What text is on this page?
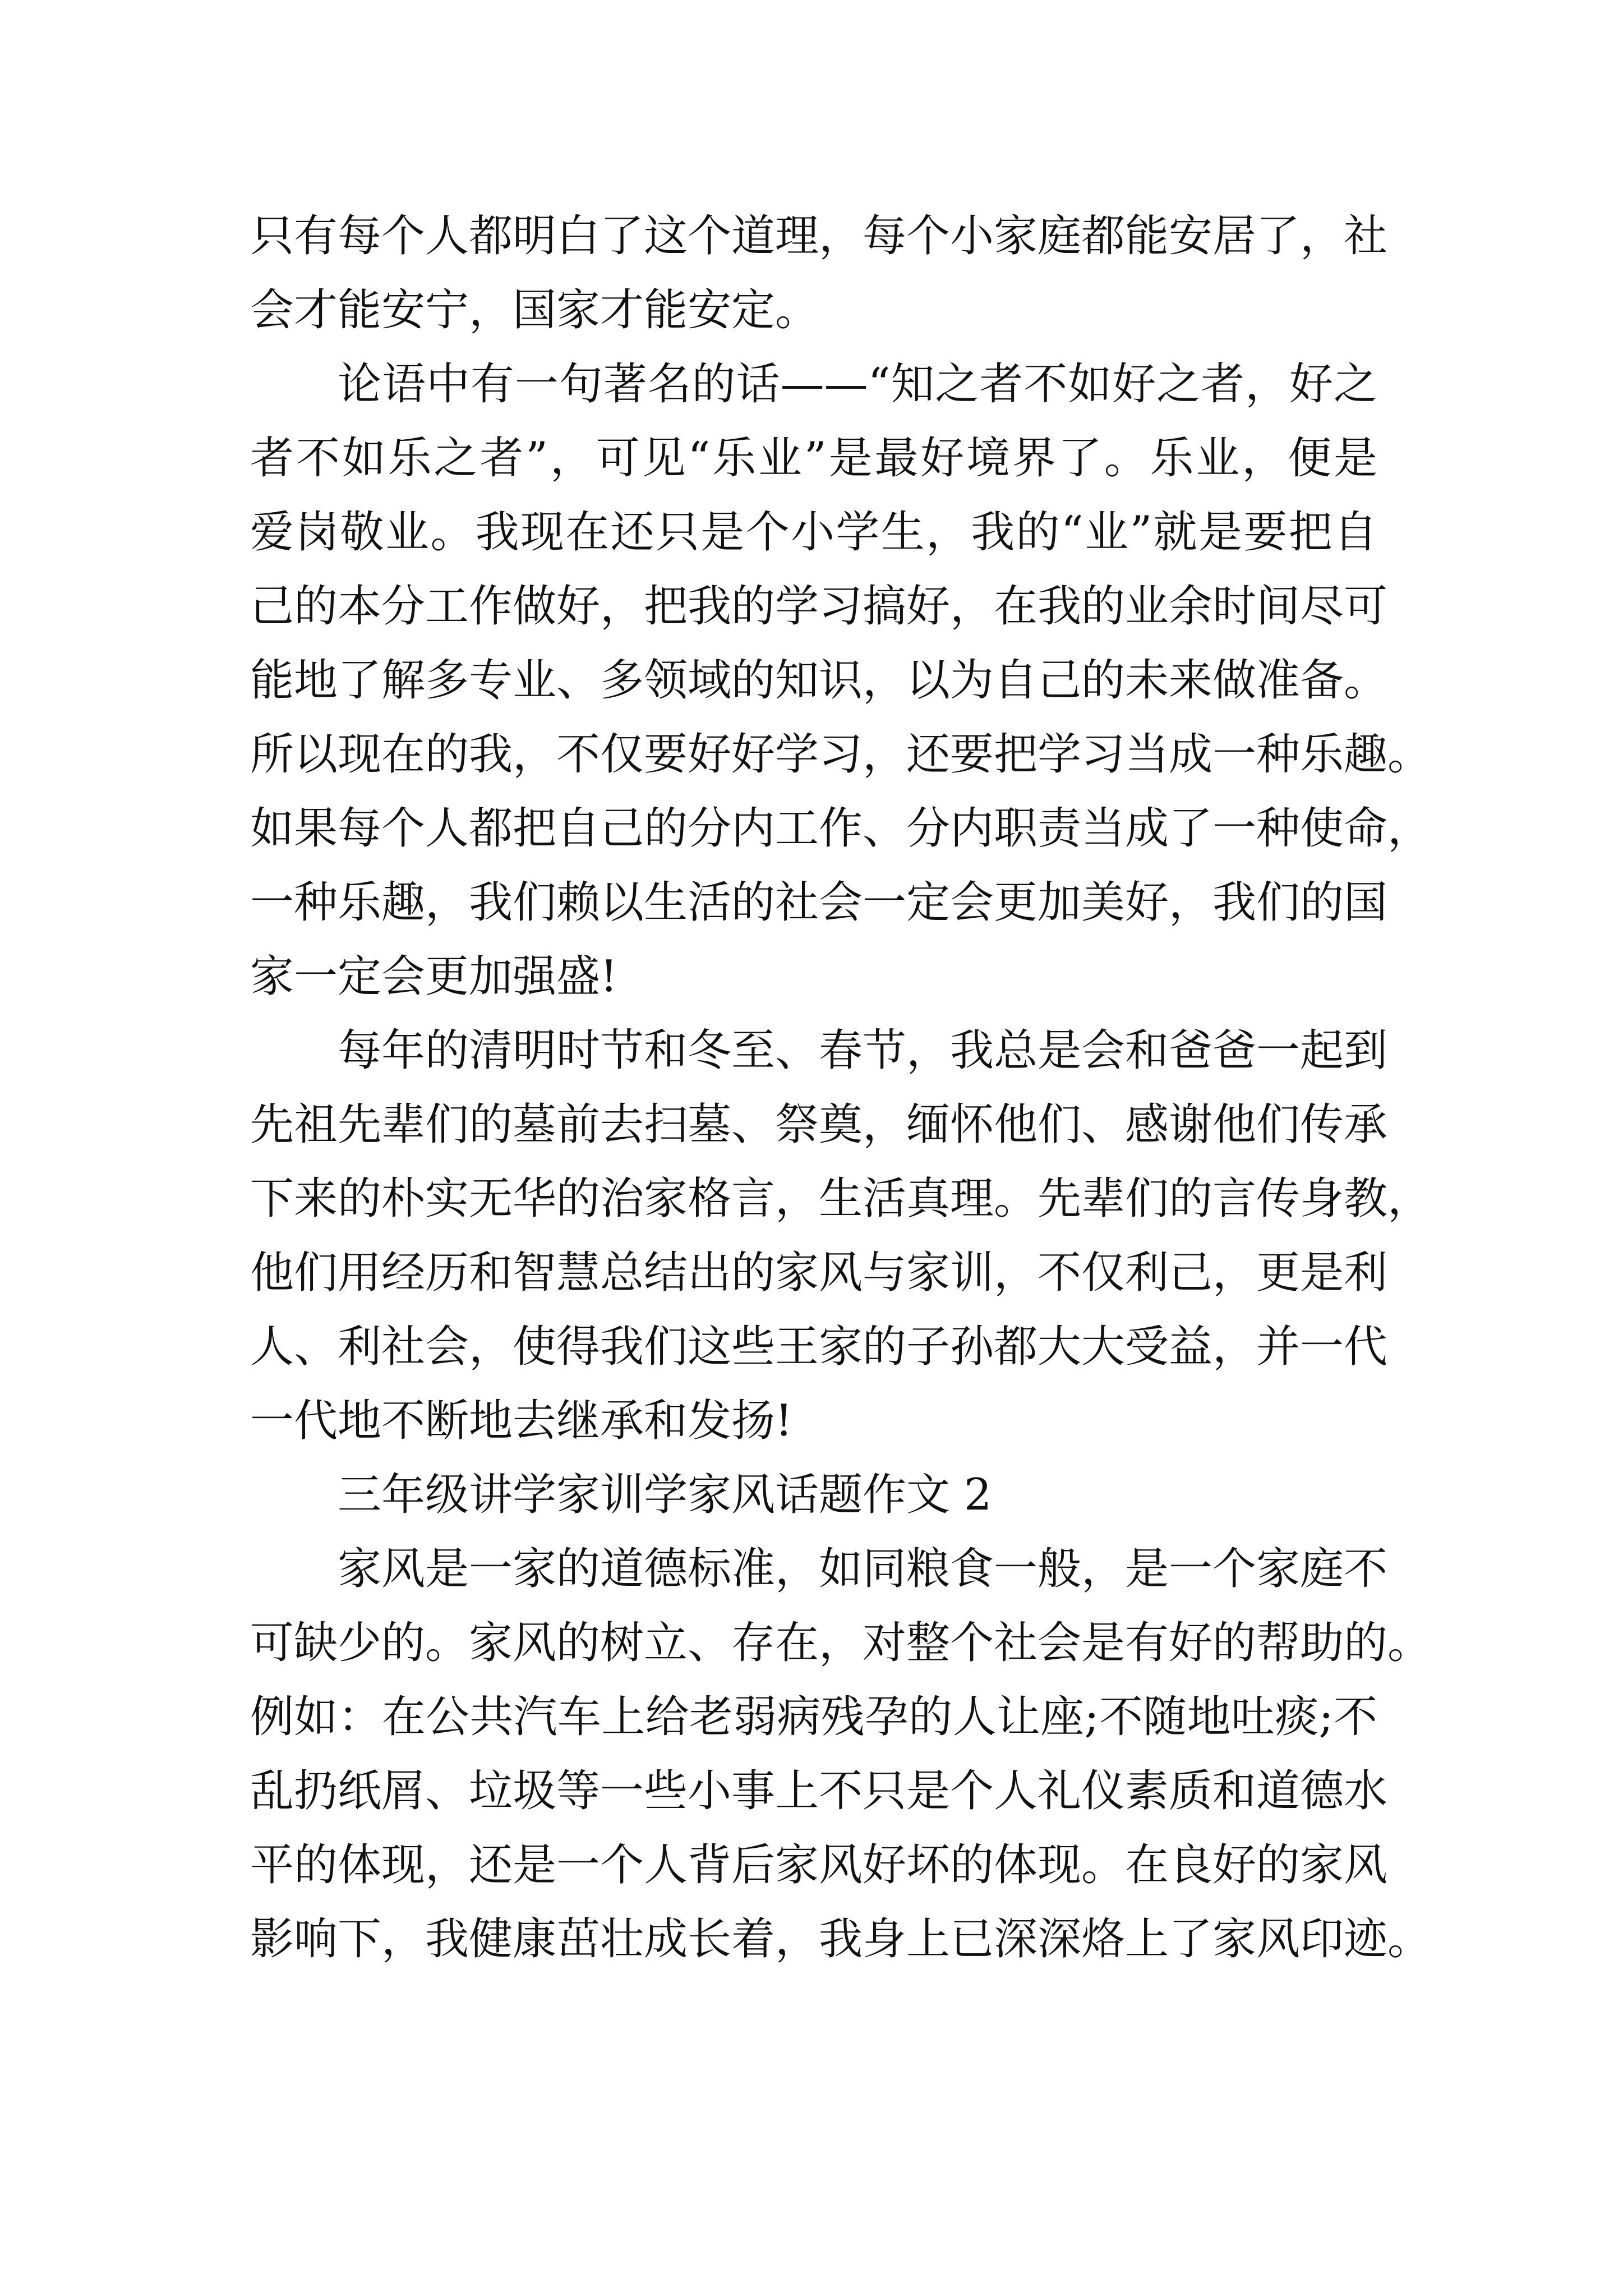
只有每个人都明白了这个道理，每个小家庭都能安居了，社
会才能安宁，国家才能安定。
论语中有一句著名的话——“知之者不如好之者，好之
者不如乐之者”，可见“乐业”是最好境界了。乐业，便是
爱岗敬业。我现在还只是个小学生，我的“业”就是要把自
己的本分工作做好，把我的学习搞好，在我的业余时间尽可
能地了解多专业、多领域的知识，以为自己的未来做准备。
所以现在的我，不仅要好好学习，还要把学习当成一种乐趣。
如果每个人都把自己的分内工作、分内职责当成了一种使命，
一种乐趣，我们赖以生活的社会一定会更加美好，我们的国
家一定会更加强盛!
每年的清明时节和冬至、春节，我总是会和爸爸一起到
先祖先辈们的墓前去扫墓、祭奠，缅怀他们、感谢他们传承
下来的朴实无华的治家格言，生活真理。先辈们的言传身教，
他们用经历和智慧总结出的家风与家训，不仅利己，更是利
人、利社会，使得我们这些王家的子孙都大大受益，并一代
一代地不断地去继承和发扬!
三年级讲学家训学家风话题作文 2
家风是一家的道德标准，如同粮食一般，是一个家庭不
可缺少的。家风的树立、存在，对整个社会是有好的帮助的。
例如：在公共汽车上给老弱病残孕的人让座;不随地吐痰;不
乱扔纸屑、垃圾等一些小事上不只是个人礼仪素质和道德水
平的体现，还是一个人背后家风好坏的体现。在良好的家风
影响下，我健康茁壮成长着，我身上已深深烙上了家风印迹。
